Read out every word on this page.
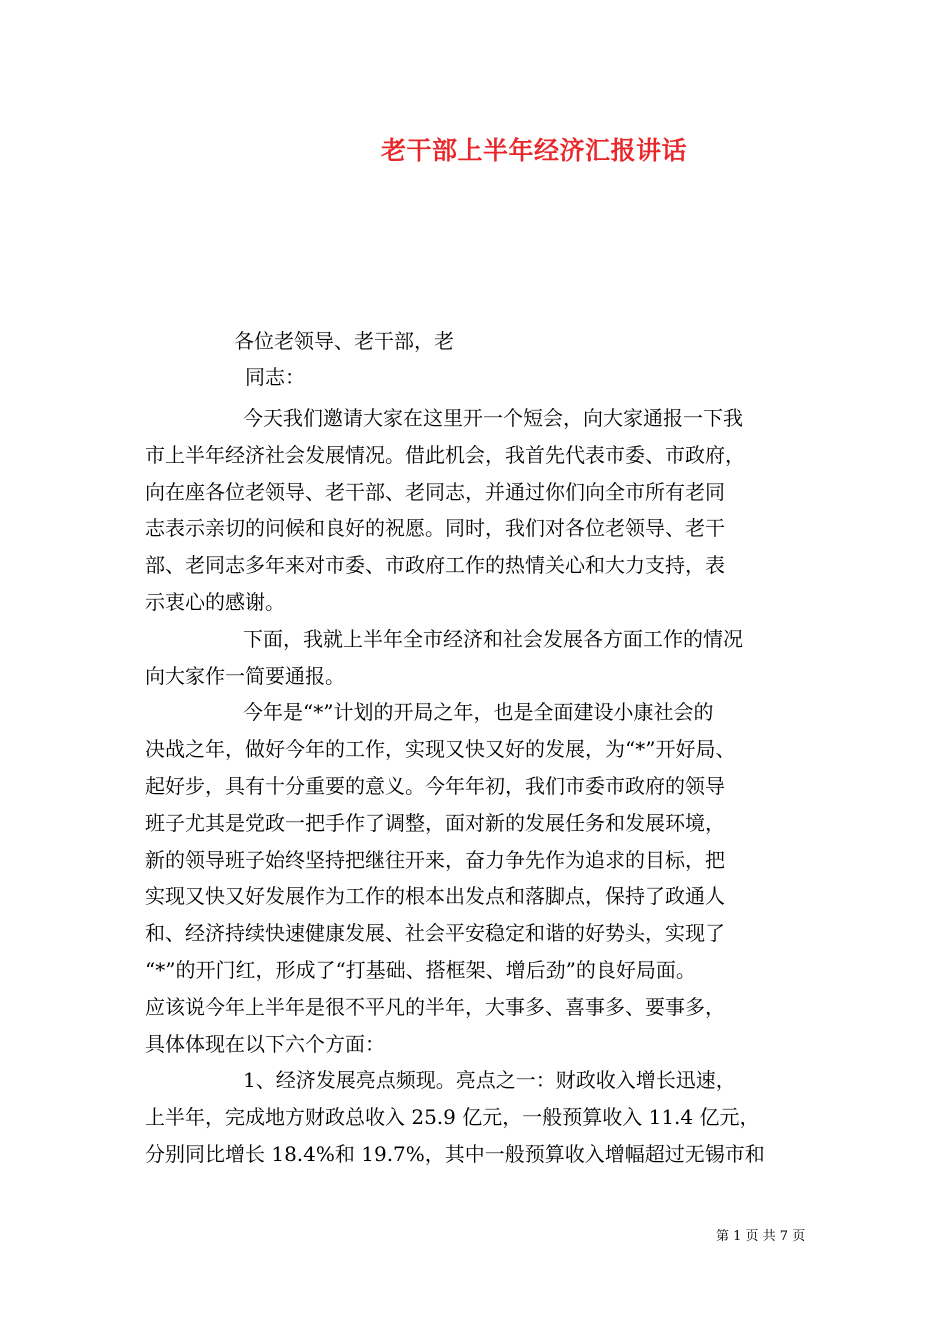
老干部上半年经济汇报讲话
各位老领导、老干部，老
同志：
今天我们邀请大家在这里开一个短会，向大家通报一下我
市上半年经济社会发展情况。借此机会，我首先代表市委、市政府，
向在座各位老领导、老干部、老同志，并通过你们向全市所有老同
志表示亲切的问候和良好的祝愿。同时，我们对各位老领导、老干
部、老同志多年来对市委、市政府工作的热情关心和大力支持，表
示衷心的感谢。
下面，我就上半年全市经济和社会发展各方面工作的情况
向大家作一简要通报。
今年是“*”计划的开局之年，也是全面建设小康社会的
决战之年，做好今年的工作，实现又快又好的发展，为“*”开好局、
起好步，具有十分重要的意义。今年年初，我们市委市政府的领导
班子尤其是党政一把手作了调整，面对新的发展任务和发展环境，
新的领导班子始终坚持把继往开来，奋力争先作为追求的目标，把
实现又快又好发展作为工作的根本出发点和落脚点，保持了政通人
和、经济持续快速健康发展、社会平安稳定和谐的好势头，实现了
“*”的开门红，形成了“打基础、搭框架、增后劲”的良好局面。
应该说今年上半年是很不平凡的半年，大事多、喜事多、要事多，
具体体现在以下六个方面：
1、经济发展亮点频现。亮点之一：财政收入增长迅速，
上半年，完成地方财政总收入 25.9 亿元，一般预算收入 11.4 亿元，
分别同比增长 18.4%和 19.7%，其中一般预算收入增幅超过无锡市和
第 1 页 共 7 页
